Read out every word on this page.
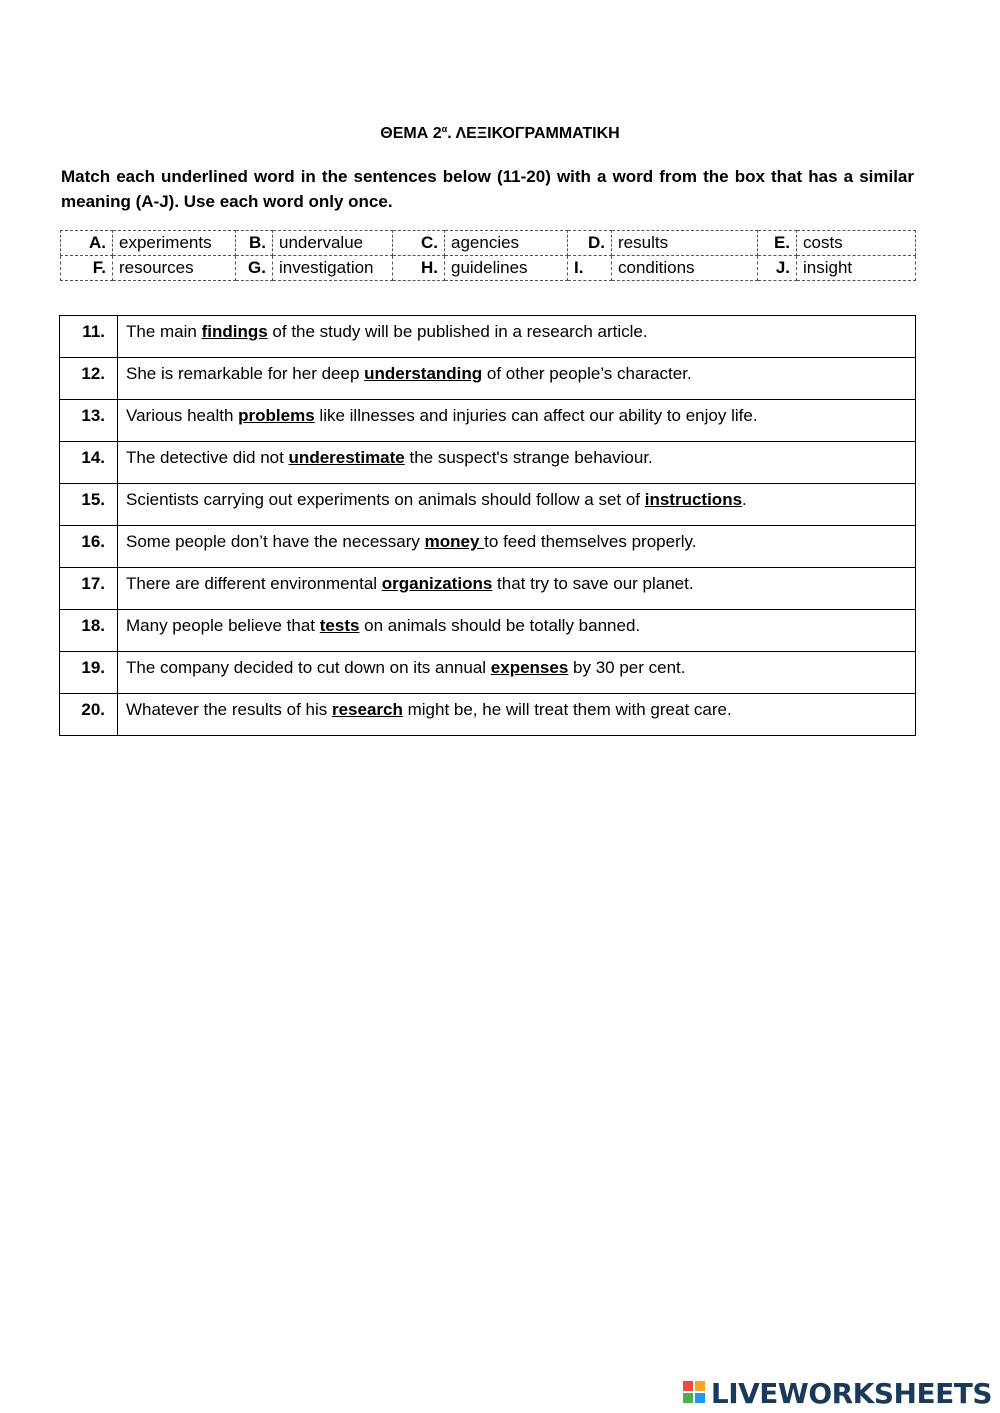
ΘΕΜΑ $2^\alpha$. ΛΕΞΙΚΟΓΡΑΜΜΑΤΙΚΗ
Match each underlined word in the sentences below (11-20) with a word from the box that has a similar meaning (A-J). Use each word only once.
A.	experiments	B.	undervalue	C.	agencies	D.	results	E.	costs
F.	resources	G.	investigation	H.	guidelines	I.	conditions	J.	insight
11.	The main findings of the study will be published in a research article.
12.	She is remarkable for her deep understanding of other people’s character.
13.	Various health problems like illnesses and injuries can affect our ability to enjoy life.
14.	The detective did not underestimate the suspect's strange behaviour.
15.	Scientists carrying out experiments on animals should follow a set of instructions.
16.	Some people don’t have the necessary money to feed themselves properly.
17.	There are different environmental organizations that try to save our planet.
18.	Many people believe that tests on animals should be totally banned.
19.	The company decided to cut down on its annual expenses by 30 per cent.
20.	Whatever the results of his research might be, he will treat them with great care.
LIVEWORKSHEETS
